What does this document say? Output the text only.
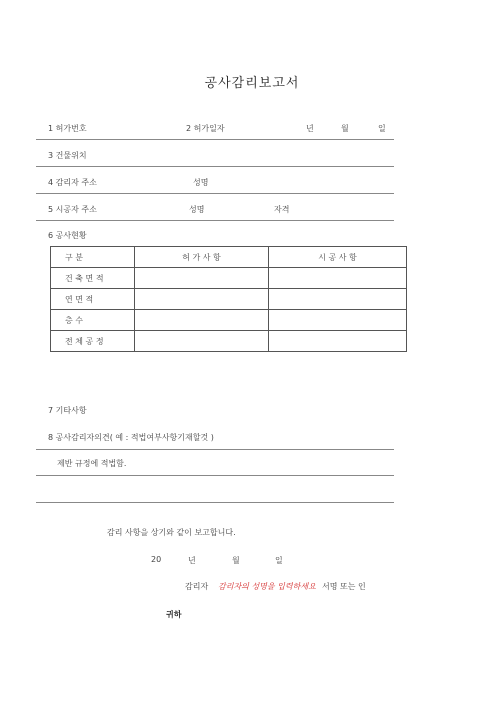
공사감리보고서
1 허가번호	2 허가일자	년	월	일
3 건물위치
4 감리자 주소	성명
5 시공자 주소	성명	자격
6 공사현황
구 분	허 가 사 항	시 공 사 항
건 축 면 적		
연 면 적		
층 수		
전 체 공 정		
7 기타사항
8 공사감리자의견( 예 : 적법여부사항기재할것 )
제반 규정에 적법함.
감리 사항을 상기와 같이 보고합니다.
20	년	월	일
감리자 감리자의 성명을 입력하세요 서명 또는 인
귀하
